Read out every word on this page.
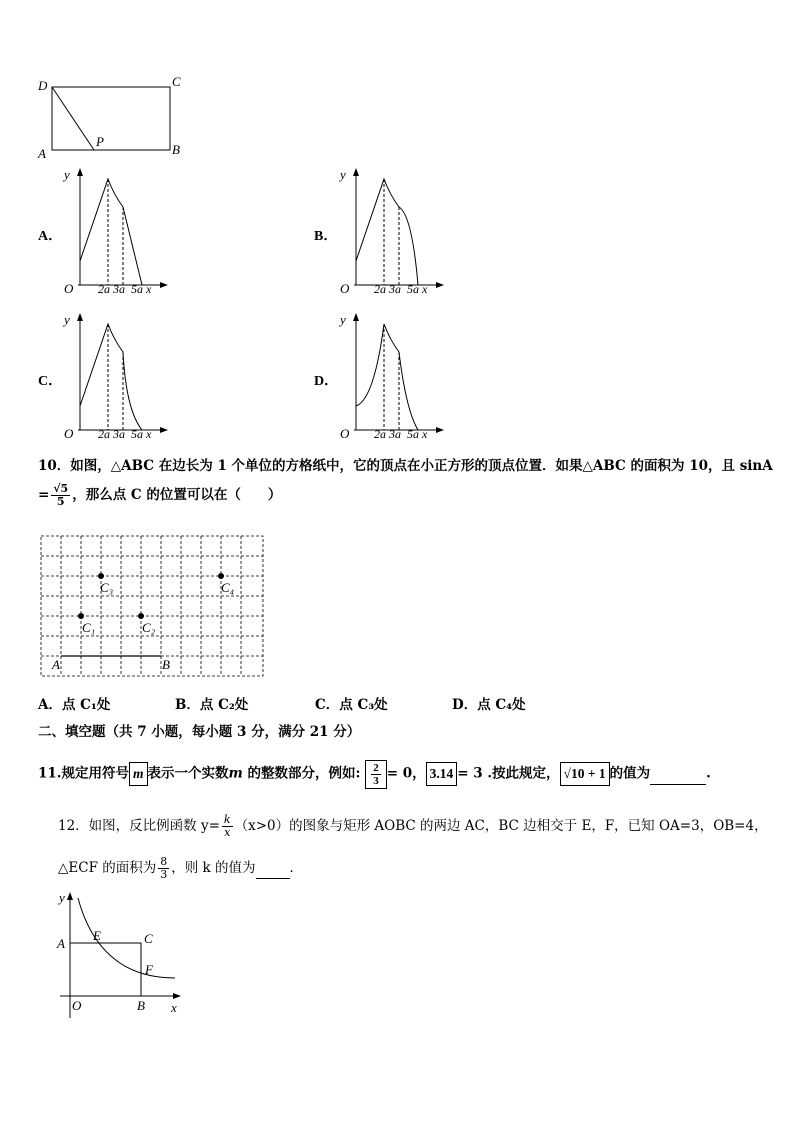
D	C
A	B
P
A．
y
O 2a 3a  5a x
B．
y
O 2a 3a  5a x
C．
y
O 2a 3a  5a x
D．
y
O 2a 3a  5a x
10．如图，△ABC 在边长为 1 个单位的方格纸中，它的顶点在小正方形的顶点位置．如果△ABC 的面积为 10，且 sinA
= $\frac{√5}{5}$ ，那么点 C 的位置可以在（　　）
C₁	C₂
C₃	C₄
A	B
A．点 C₁处	B．点 C₂处	C．点 C₃处	D．点 C₄处
二、填空题（共 7 小题，每小题 3 分，满分 21 分）
11.规定用符号 m 表示一个实数m 的整数部分，例如: $\frac{2}{3} = 0$， 3.14 = 3 .按此规定， √10 + 1 的值为	.
12．如图，反比例函数 $y= \frac{k}{x} (x>0)$的图象与矩形 AOBC 的两边 AC，BC 边相交于 E，F，已知 OA=3，OB=4，
△ECF 的面积为 $\frac{8}{3}$ ，则 k 的值为	．
y
x
A
E	C
F
O	B
